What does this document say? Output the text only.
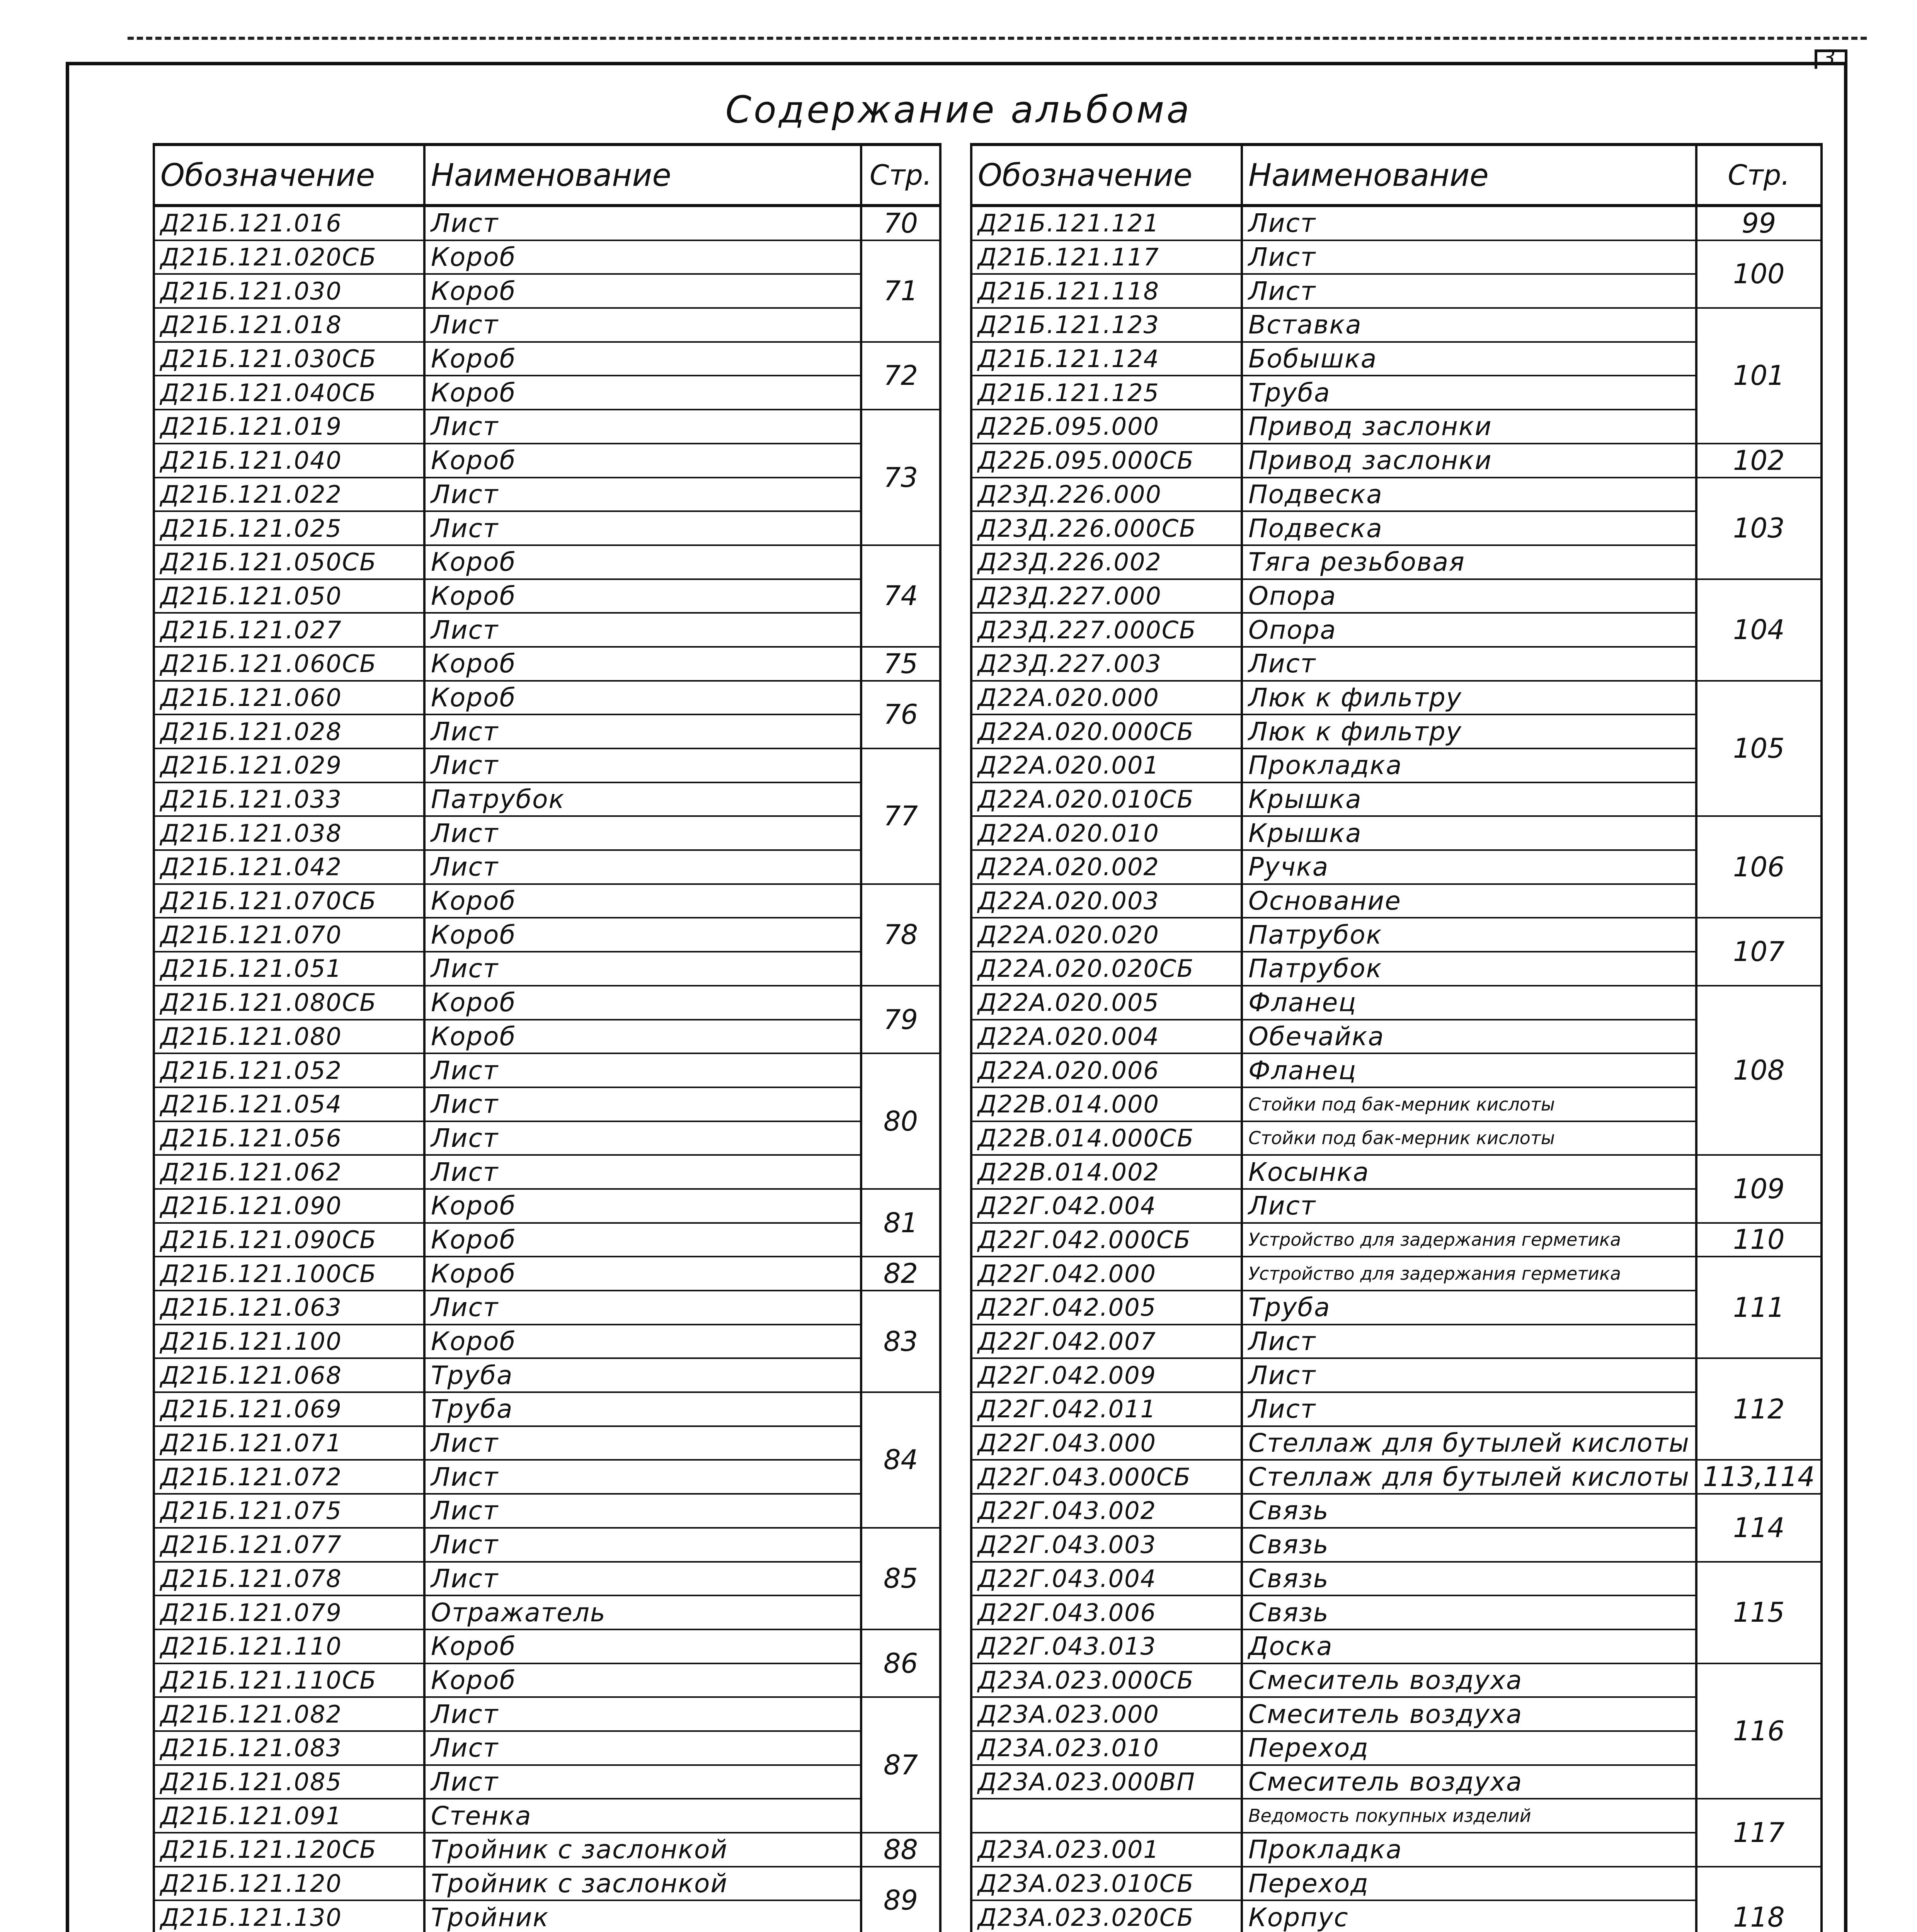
3
Содержание альбома
Обозначение	Наименование	Стр.
Д21Б.121.016	Лист	70
Д21Б.121.020СБ	Короб	71
Д21Б.121.030	Короб	
Д21Б.121.018	Лист	
Д21Б.121.030СБ	Короб	72
Д21Б.121.040СБ	Короб	
Д21Б.121.019	Лист	73
Д21Б.121.040	Короб	
Д21Б.121.022	Лист	
Д21Б.121.025	Лист	
Д21Б.121.050СБ	Короб	74
Д21Б.121.050	Короб	
Д21Б.121.027	Лист	
Д21Б.121.060СБ	Короб	75
Д21Б.121.060	Короб	76
Д21Б.121.028	Лист	
Д21Б.121.029	Лист	77
Д21Б.121.033	Патрубок	
Д21Б.121.038	Лист	
Д21Б.121.042	Лист	
Д21Б.121.070СБ	Короб	78
Д21Б.121.070	Короб	
Д21Б.121.051	Лист	
Д21Б.121.080СБ	Короб	79
Д21Б.121.080	Короб	
Д21Б.121.052	Лист	80
Д21Б.121.054	Лист	
Д21Б.121.056	Лист	
Д21Б.121.062	Лист	
Д21Б.121.090	Короб	81
Д21Б.121.090СБ	Короб	
Д21Б.121.100СБ	Короб	82
Д21Б.121.063	Лист	83
Д21Б.121.100	Короб	
Д21Б.121.068	Труба	
Д21Б.121.069	Труба	84
Д21Б.121.071	Лист	
Д21Б.121.072	Лист	
Д21Б.121.075	Лист	
Д21Б.121.077	Лист	85
Д21Б.121.078	Лист	
Д21Б.121.079	Отражатель	
Д21Б.121.110	Короб	86
Д21Б.121.110СБ	Короб	
Д21Б.121.082	Лист	87
Д21Б.121.083	Лист	
Д21Б.121.085	Лист	
Д21Б.121.091	Стенка	
Д21Б.121.120СБ	Тройник с заслонкой	88
Д21Б.121.120	Тройник с заслонкой	89
Д21Б.121.130	Тройник	

Обозначение	Наименование	Стр.
Д21Б.121.121	Лист	99
Д21Б.121.117	Лист	100
Д21Б.121.118	Лист	
Д21Б.121.123	Вставка	101
Д21Б.121.124	Бобышка	
Д21Б.121.125	Труба	
Д22Б.095.000	Привод заслонки	
Д22Б.095.000СБ	Привод заслонки	102
Д23Д.226.000	Подвеска	103
Д23Д.226.000СБ	Подвеска	
Д23Д.226.002	Тяга резьбовая	
Д23Д.227.000	Опора	104
Д23Д.227.000СБ	Опора	
Д23Д.227.003	Лист	
Д22А.020.000	Люк к фильтру	105
Д22А.020.000СБ	Люк к фильтру	
Д22А.020.001	Прокладка	
Д22А.020.010СБ	Крышка	
Д22А.020.010	Крышка	106
Д22А.020.002	Ручка	
Д22А.020.003	Основание	
Д22А.020.020	Патрубок	107
Д22А.020.020СБ	Патрубок	
Д22А.020.005	Фланец	108
Д22А.020.004	Обечайка	
Д22А.020.006	Фланец	
Д22В.014.000	Стойки под бак-мерник кислоты	
Д22В.014.000СБ	Стойки под бак-мерник кислоты	
Д22В.014.002	Косынка	109
Д22Г.042.004	Лист	
Д22Г.042.000СБ	Устройство для задержания герметика	110
Д22Г.042.000	Устройство для задержания герметика	111
Д22Г.042.005	Труба	
Д22Г.042.007	Лист	
Д22Г.042.009	Лист	112
Д22Г.042.011	Лист	
Д22Г.043.000	Стеллаж для бутылей кислоты	
Д22Г.043.000СБ	Стеллаж для бутылей кислоты	113,114
Д22Г.043.002	Связь	114
Д22Г.043.003	Связь	
Д22Г.043.004	Связь	115
Д22Г.043.006	Связь	
Д22Г.043.013	Доска	
Д23А.023.000СБ	Смеситель воздуха	116
Д23А.023.000	Смеситель воздуха	
Д23А.023.010	Переход	
Д23А.023.000ВП	Смеситель воздуха	
	Ведомость покупных изделий	117
Д23А.023.001	Прокладка	
Д23А.023.010СБ	Переход	118
Д23А.023.020СБ	Корпус	
